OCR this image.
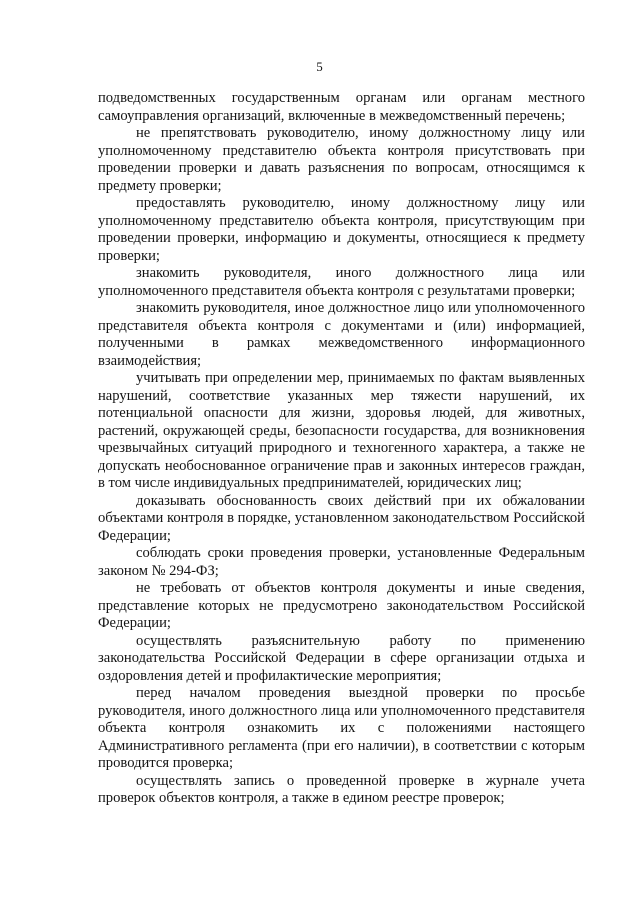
5

подведомственных государственным органам или органам местного самоуправления организаций, включенные в межведомственный перечень;

не препятствовать руководителю, иному должностному лицу или уполномоченному представителю объекта контроля присутствовать при проведении проверки и давать разъяснения по вопросам, относящимся к предмету проверки;

предоставлять руководителю, иному должностному лицу или уполномоченному представителю объекта контроля, присутствующим при проведении проверки, информацию и документы, относящиеся к предмету проверки;

знакомить руководителя, иного должностного лица или уполномоченного представителя объекта контроля с результатами проверки;

знакомить руководителя, иное должностное лицо или уполномоченного представителя объекта контроля с документами и (или) информацией, полученными в рамках межведомственного информационного взаимодействия;

учитывать при определении мер, принимаемых по фактам выявленных нарушений, соответствие указанных мер тяжести нарушений, их потенциальной опасности для жизни, здоровья людей, для животных, растений, окружающей среды, безопасности государства, для возникновения чрезвычайных ситуаций природного и техногенного характера, а также не допускать необоснованное ограничение прав и законных интересов граждан, в том числе индивидуальных предпринимателей, юридических лиц;

доказывать обоснованность своих действий при их обжаловании объектами контроля в порядке, установленном законодательством Российской Федерации;

соблюдать сроки проведения проверки, установленные Федеральным законом № 294-ФЗ;

не требовать от объектов контроля документы и иные сведения, представление которых не предусмотрено законодательством Российской Федерации;

осуществлять разъяснительную работу по применению законодательства Российской Федерации в сфере организации отдыха и оздоровления детей и профилактические мероприятия;

перед началом проведения выездной проверки по просьбе руководителя, иного должностного лица или уполномоченного представителя объекта контроля ознакомить их с положениями настоящего Административного регламента (при его наличии), в соответствии с которым проводится проверка;

осуществлять запись о проведенной проверке в журнале учета проверок объектов контроля, а также в едином реестре проверок;
